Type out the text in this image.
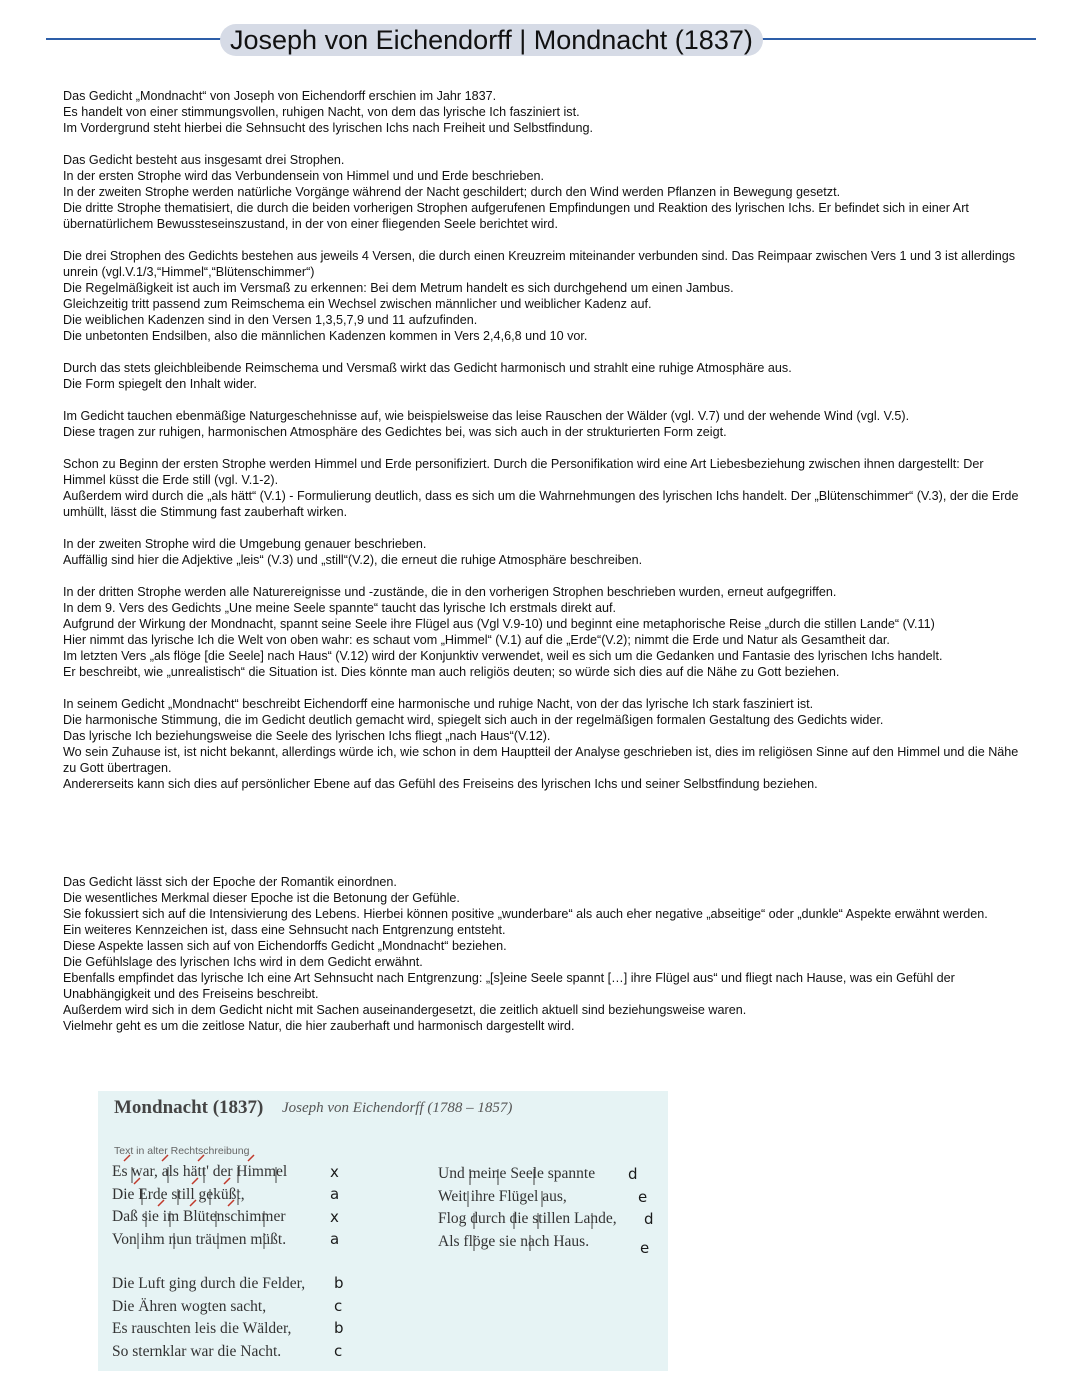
Joseph von Eichendorff | Mondnacht (1837)
Das Gedicht „Mondnacht“ von Joseph von Eichendorff erschien im Jahr 1837.
Es handelt von einer stimmungsvollen, ruhigen Nacht, von dem das lyrische Ich fasziniert ist.
Im Vordergrund steht hierbei die Sehnsucht des lyrischen Ichs nach Freiheit und Selbstfindung.
Das Gedicht besteht aus insgesamt drei Strophen.
In der ersten Strophe wird das Verbundensein von Himmel und und Erde beschrieben.
In der zweiten Strophe werden natürliche Vorgänge während der Nacht geschildert; durch den Wind werden Pflanzen in Bewegung gesetzt.
Die dritte Strophe thematisiert, die durch die beiden vorherigen Strophen aufgerufenen Empfindungen und Reaktion des lyrischen Ichs. Er befindet sich in einer Art übernatürlichem Bewussteseinszustand, in der von einer fliegenden Seele berichtet wird.
Die drei Strophen des Gedichts bestehen aus jeweils 4 Versen, die durch einen Kreuzreim miteinander verbunden sind. Das Reimpaar zwischen Vers 1 und 3 ist allerdings unrein (vgl.V.1/3,“Himmel“,“Blütenschimmer“)
Die Regelmäßigkeit ist auch im Versmaß zu erkennen: Bei dem Metrum handelt es sich durchgehend um einen Jambus.
Gleichzeitig tritt passend zum Reimschema ein Wechsel zwischen männlicher und weiblicher Kadenz auf.
Die weiblichen Kadenzen sind in den Versen 1,3,5,7,9 und 11 aufzufinden.
Die unbetonten Endsilben, also die männlichen Kadenzen kommen in Vers 2,4,6,8 und 10 vor.
Durch das stets gleichbleibende Reimschema und Versmaß wirkt das Gedicht harmonisch und strahlt eine ruhige Atmosphäre aus.
Die Form spiegelt den Inhalt wider.
Im Gedicht tauchen ebenmäßige Naturgeschehnisse auf, wie beispielsweise das leise Rauschen der Wälder (vgl. V.7) und der wehende Wind (vgl. V.5).
Diese tragen zur ruhigen, harmonischen Atmosphäre des Gedichtes bei, was sich auch in der strukturierten Form zeigt.
Schon zu Beginn der ersten Strophe werden Himmel und Erde personifiziert. Durch die Personifikation wird eine Art Liebesbeziehung zwischen ihnen dargestellt: Der Himmel küsst die Erde still (vgl. V.1-2).
Außerdem wird durch die „als hätt“ (V.1) - Formulierung deutlich, dass es sich um die Wahrnehmungen des lyrischen Ichs handelt. Der „Blütenschimmer“ (V.3), der die Erde umhüllt, lässt die Stimmung fast zauberhaft wirken.
In der zweiten Strophe wird die Umgebung genauer beschrieben.
Auffällig sind hier die Adjektive „leis“ (V.3) und „still“(V.2), die erneut die ruhige Atmosphäre beschreiben.
In der dritten Strophe werden alle Naturereignisse und -zustände, die in den vorherigen Strophen beschrieben wurden, erneut aufgegriffen.
In dem 9. Vers des Gedichts „Une meine Seele spannte“ taucht das lyrische Ich erstmals direkt auf.
Aufgrund der Wirkung der Mondnacht, spannt seine Seele ihre Flügel aus (Vgl V.9-10) und beginnt eine metaphorische Reise „durch die stillen Lande“ (V.11)
Hier nimmt das lyrische Ich die Welt von oben wahr: es schaut vom „Himmel“ (V.1) auf die „Erde“(V.2); nimmt die Erde und Natur als Gesamtheit dar.
Im letzten Vers „als flöge [die Seele] nach Haus“ (V.12) wird der Konjunktiv verwendet, weil es sich um die Gedanken und Fantasie des lyrischen Ichs handelt.
Er beschreibt, wie „unrealistisch“ die Situation ist. Dies könnte man auch religiös deuten; so würde sich dies auf die Nähe zu Gott beziehen.
In seinem Gedicht „Mondnacht“ beschreibt Eichendorff eine harmonische und ruhige Nacht, von der das lyrische Ich stark fasziniert ist.
Die harmonische Stimmung, die im Gedicht deutlich gemacht wird, spiegelt sich auch in der regelmäßigen formalen Gestaltung des Gedichts wider.
Das lyrische Ich beziehungsweise die Seele des lyrischen Ichs fliegt „nach Haus“(V.12).
Wo sein Zuhause ist, ist nicht bekannt, allerdings würde ich, wie schon in dem Hauptteil der Analyse geschrieben ist, dies im religiösen Sinne auf den Himmel und die Nähe zu Gott übertragen.
Andererseits kann sich dies auf persönlicher Ebene auf das Gefühl des Freiseins des lyrischen Ichs und seiner Selbstfindung beziehen.
Das Gedicht lässt sich der Epoche der Romantik einordnen.
Die wesentliches Merkmal dieser Epoche ist die Betonung der Gefühle.
Sie fokussiert sich auf die Intensivierung des Lebens. Hierbei können positive „wunderbare“ als auch eher negative „abseitige“ oder „dunkle“ Aspekte erwähnt werden.
Ein weiteres Kennzeichen ist, dass eine Sehnsucht nach Entgrenzung entsteht.
Diese Aspekte lassen sich auf von Eichendorffs Gedicht „Mondnacht“ beziehen.
Die Gefühlslage des lyrischen Ichs wird in dem Gedicht erwähnt.
Ebenfalls empfindet das lyrische Ich eine Art Sehnsucht nach Entgrenzung: „[s]eine Seele spannt […] ihre Flügel aus“ und fliegt nach Hause, was ein Gefühl der Unabhängigkeit und des Freiseins beschreibt.
Außerdem wird sich in dem Gedicht nicht mit Sachen auseinandergesetzt, die zeitlich aktuell sind beziehungsweise waren.
Vielmehr geht es um die zeitlose Natur, die hier zauberhaft und harmonisch dargestellt wird.
Mondnacht (1837) Joseph von Eichendorff (1788 – 1857)
Text in alter Rechtschreibung
Es war, als hätt' der Himmel
Die Erde still geküßt,
Daß sie im Blütenschimmer
Von ihm nun träumen müßt.
Die Luft ging durch die Felder,
Die Ähren wogten sacht,
Es rauschten leis die Wälder,
So sternklar war die Nacht.
Und meine Seele spannte
Weit ihre Flügel aus,
Flog durch die stillen Lande,
Als flöge sie nach Haus.
x
a
x
a
b
c
b
c
d
e
d
e
